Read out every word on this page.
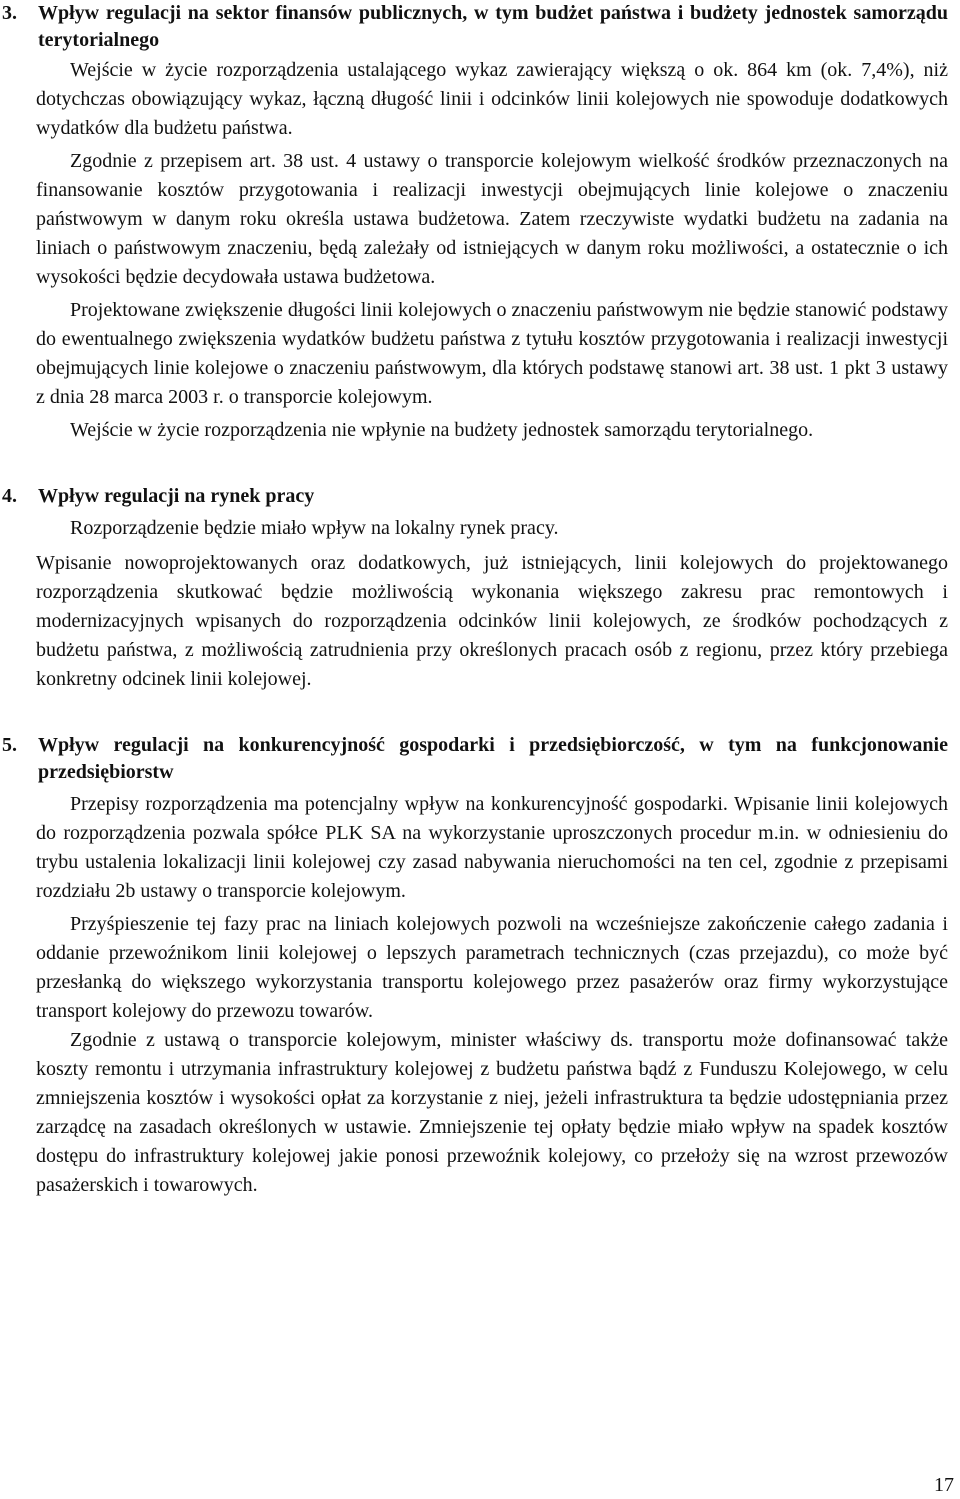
3.	Wpływ regulacji na sektor finansów publicznych, w tym budżet państwa i budżety jednostek samorządu terytorialnego

Wejście w życie rozporządzenia ustalającego wykaz zawierający większą o ok. 864 km (ok. 7,4%), niż dotychczas obowiązujący wykaz, łączną długość linii i odcinków linii kolejowych nie spowoduje dodatkowych wydatków dla budżetu państwa.

Zgodnie z przepisem art. 38 ust. 4 ustawy o transporcie kolejowym wielkość środków przeznaczonych na finansowanie kosztów przygotowania i realizacji inwestycji obejmujących linie kolejowe o znaczeniu państwowym w danym roku określa ustawa budżetowa. Zatem rzeczywiste wydatki budżetu na zadania na liniach o państwowym znaczeniu, będą zależały od istniejących w danym roku możliwości, a ostatecznie o ich wysokości będzie decydowała ustawa budżetowa.

Projektowane zwiększenie długości linii kolejowych o znaczeniu państwowym nie będzie stanowić podstawy do ewentualnego zwiększenia wydatków budżetu państwa z tytułu kosztów przygotowania i realizacji inwestycji obejmujących linie kolejowe o znaczeniu państwowym, dla których podstawę stanowi art. 38 ust. 1 pkt 3 ustawy z dnia 28 marca 2003 r. o transporcie kolejowym.

Wejście w życie rozporządzenia nie wpłynie na budżety jednostek samorządu terytorialnego.

4.	Wpływ regulacji na rynek pracy

Rozporządzenie będzie miało wpływ na lokalny rynek pracy.

Wpisanie nowoprojektowanych oraz dodatkowych, już istniejących, linii kolejowych do projektowanego rozporządzenia skutkować będzie możliwością wykonania większego zakresu prac remontowych i modernizacyjnych wpisanych do rozporządzenia odcinków linii kolejowych, ze środków pochodzących z budżetu państwa, z możliwością zatrudnienia przy określonych pracach osób z regionu, przez który przebiega konkretny odcinek linii kolejowej.

5.	Wpływ regulacji na konkurencyjność gospodarki i przedsiębiorczość, w tym na funkcjonowanie przedsiębiorstw

Przepisy rozporządzenia ma potencjalny wpływ na konkurencyjność gospodarki. Wpisanie linii kolejowych do rozporządzenia pozwala spółce PLK SA na wykorzystanie uproszczonych procedur m.in. w odniesieniu do trybu ustalenia lokalizacji linii kolejowej czy zasad nabywania nieruchomości na ten cel, zgodnie z przepisami rozdziału 2b ustawy o transporcie kolejowym.

Przyśpieszenie tej fazy prac na liniach kolejowych pozwoli na wcześniejsze zakończenie całego zadania i oddanie przewoźnikom linii kolejowej o lepszych parametrach technicznych (czas przejazdu), co może być przesłanką do większego wykorzystania transportu kolejowego przez pasażerów oraz firmy wykorzystujące transport kolejowy do przewozu towarów.

Zgodnie z ustawą o transporcie kolejowym, minister właściwy ds. transportu może dofinansować także koszty remontu i utrzymania infrastruktury kolejowej z budżetu państwa bądź z Funduszu Kolejowego, w celu zmniejszenia kosztów i wysokości opłat za korzystanie z niej, jeżeli infrastruktura ta będzie udostępniania przez zarządcę na zasadach określonych w ustawie. Zmniejszenie tej opłaty będzie miało wpływ na spadek kosztów dostępu do infrastruktury kolejowej jakie ponosi przewoźnik kolejowy, co przełoży się na wzrost przewozów pasażerskich i towarowych.

17
